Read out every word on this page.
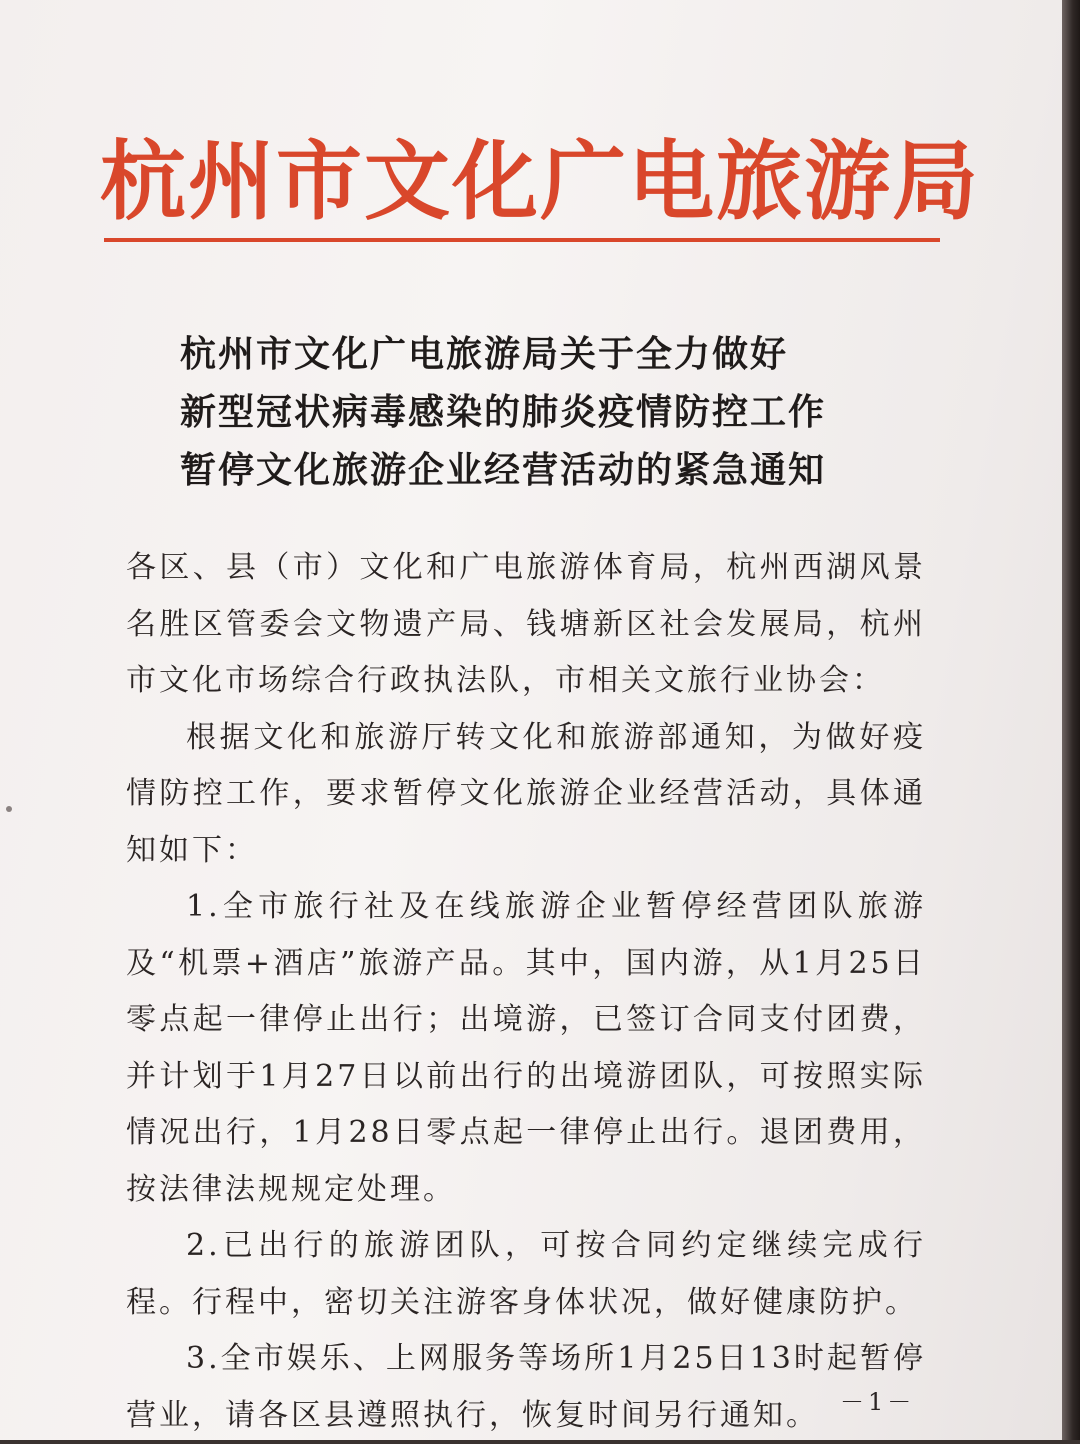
杭州市文化广电旅游局
杭州市文化广电旅游局关于全力做好
新型冠状病毒感染的肺炎疫情防控工作
暂停文化旅游企业经营活动的紧急通知

各区、县（市）文化和广电旅游体育局，杭州西湖风景名胜区管委会文物遗产局、钱塘新区社会发展局，杭州市文化市场综合行政执法队，市相关文旅行业协会：

根据文化和旅游厅转文化和旅游部通知，为做好疫情防控工作，要求暂停文化旅游企业经营活动，具体通知如下：

1.全市旅行社及在线旅游企业暂停经营团队旅游及“机票+酒店”旅游产品。其中，国内游，从1月25日零点起一律停止出行；出境游，已签订合同支付团费，并计划于1月27日以前出行的出境游团队，可按照实际情况出行，1月28日零点起一律停止出行。退团费用，按法律法规规定处理。

2.已出行的旅游团队，可按合同约定继续完成行程。行程中，密切关注游客身体状况，做好健康防护。

3.全市娱乐、上网服务等场所1月25日13时起暂停营业，请各区县遵照执行，恢复时间另行通知。 －1－
